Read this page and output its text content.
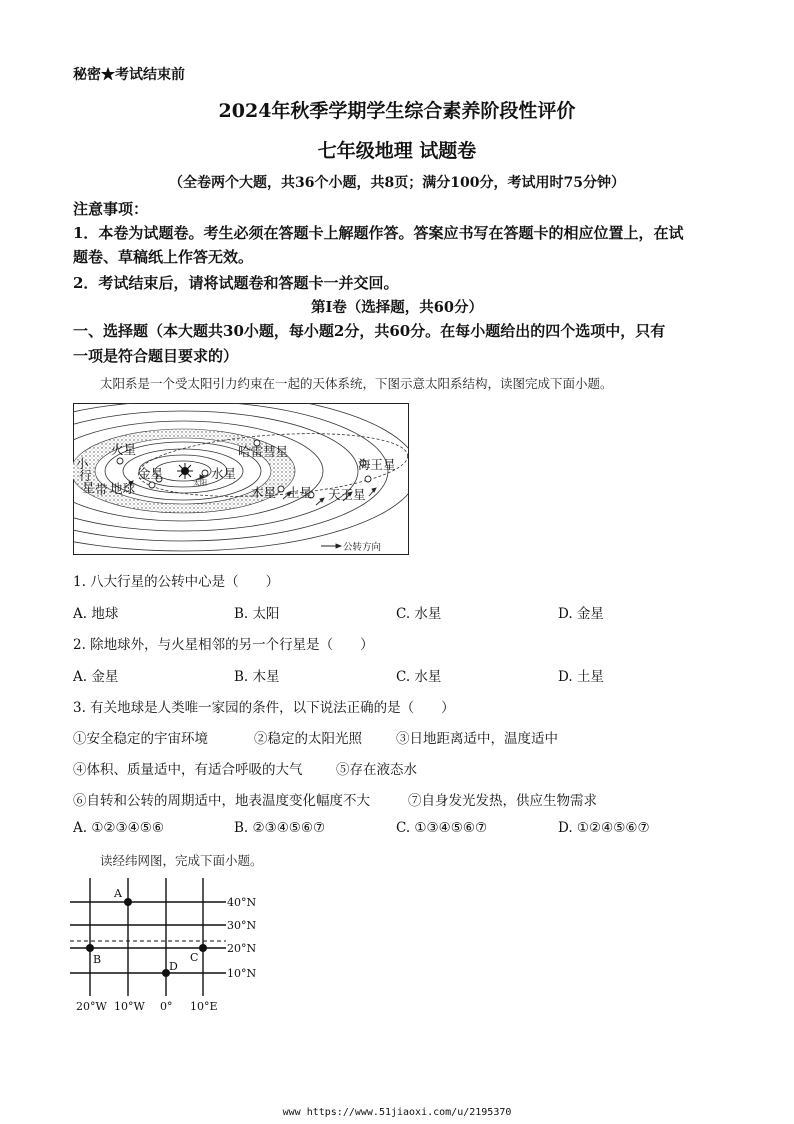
秘密★考试结束前
2024年秋季学期学生综合素养阶段性评价
七年级地理 试题卷
（全卷两个大题，共36个小题，共8页；满分100分，考试用时75分钟）
注意事项：
1．本卷为试题卷。考生必须在答题卡上解题作答。答案应书写在答题卡的相应位置上，在试
题卷、草稿纸上作答无效。
2．考试结束后，请将试题卷和答题卡一并交回。
第Ⅰ卷（选择题，共60分）
一、选择题（本大题共30小题，每小题2分，共60分。在每小题给出的四个选项中，只有
一项是符合题目要求的）
太阳系是一个受太阳引力约束在一起的天体系统，下图示意太阳系结构，读图完成下面小题。
火星
小
行
星 带 地球
金星	水星
哈雷彗星
海王星
木星 土星 天王星
太阳
公转方向
1. 八大行星的公转中心是（　　）
A. 地球	B. 太阳	C. 水星	D. 金星
2. 除地球外，与火星相邻的另一个行星是（　　）
A. 金星	B. 木星	C. 水星	D. 土星
3. 有关地球是人类唯一家园的条件，以下说法正确的是（　　）
①安全稳定的宇宙环境	②稳定的太阳光照	③日地距离适中，温度适中
④体积、质量适中，有适合呼吸的大气 ⑤存在液态水
⑥自转和公转的周期适中，地表温度变化幅度不大	⑦自身发光发热，供应生物需求
A. ①②③④⑤⑥	B. ②③④⑤⑥⑦	C. ①③④⑤⑥⑦	D. ①②④⑤⑥⑦
读经纬网图，完成下面小题。
A
B	C
D
40°N
30°N
20°N
10°N
20°W 10°W 0° 10°E
www https://www.51jiaoxi.com/u/2195370
